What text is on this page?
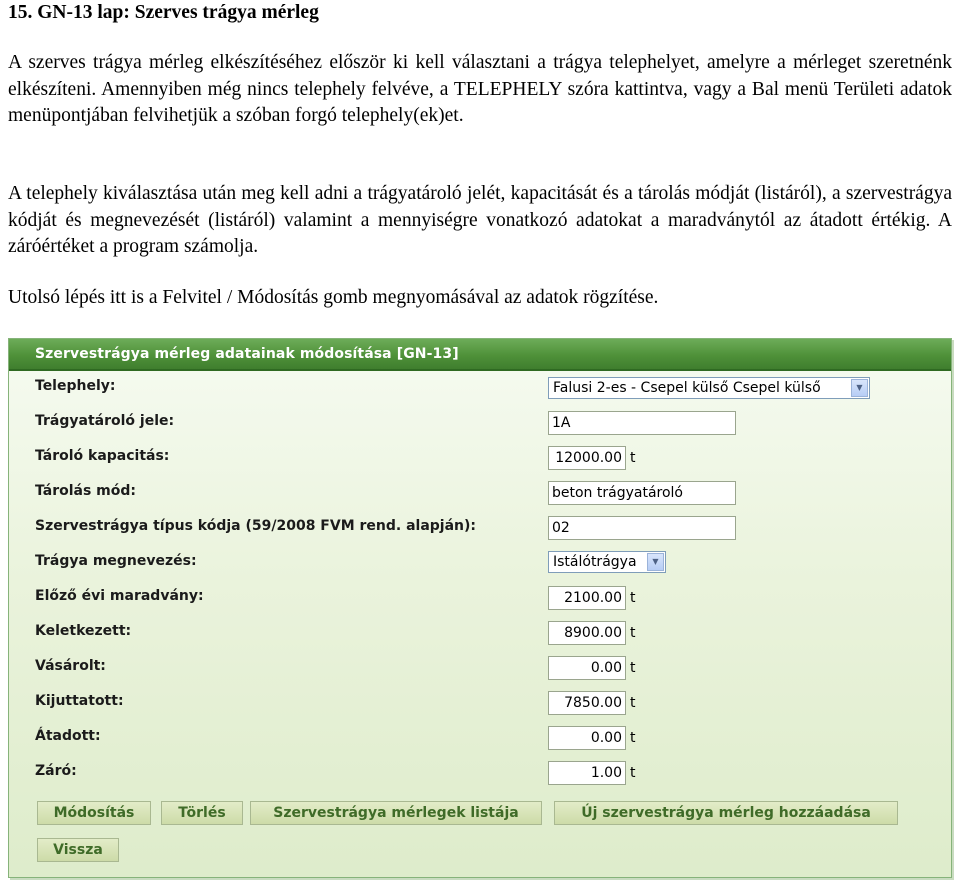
15. GN-13 lap: Szerves trágya mérleg

A szerves trágya mérleg elkészítéséhez először ki kell választani a trágya telephelyet, amelyre a mérleget szeretnénk elkészíteni. Amennyiben még nincs telephely felvéve, a TELEPHELY szóra kattintva, vagy a Bal menü Területi adatok menüpontjában felvihetjük a szóban forgó telephely(ek)et.

A telephely kiválasztása után meg kell adni a trágyatároló jelét, kapacitását és a tárolás módját (listáról), a szervestrágya kódját és megnevezését (listáról) valamint a mennyiségre vonatkozó adatokat a maradványtól az átadott értékig. A záróértéket a program számolja.

Utolsó lépés itt is a Felvitel / Módosítás gomb megnyomásával az adatok rögzítése.

Szervestrágya mérleg adatainak módosítása [GN-13]
Telephely:	Falusi 2-es - Csepel külső Csepel külső	▼
Trágyatároló jele:	1A
Tároló kapacitás:	12000.00 t
Tárolás mód:	beton trágyatároló
Szervestrágya típus kódja (59/2008 FVM rend. alapján):	02
Trágya megnevezés:	Istálótrágya	▼
Előző évi maradvány:	2100.00 t
Keletkezett:	8900.00 t
Vásárolt:	0.00 t
Kijuttatott:	7850.00 t
Átadott:	0.00 t
Záró:	1.00 t
Módosítás	Törlés	Szervestrágya mérlegek listája	Új szervestrágya mérleg hozzáadása
Vissza
